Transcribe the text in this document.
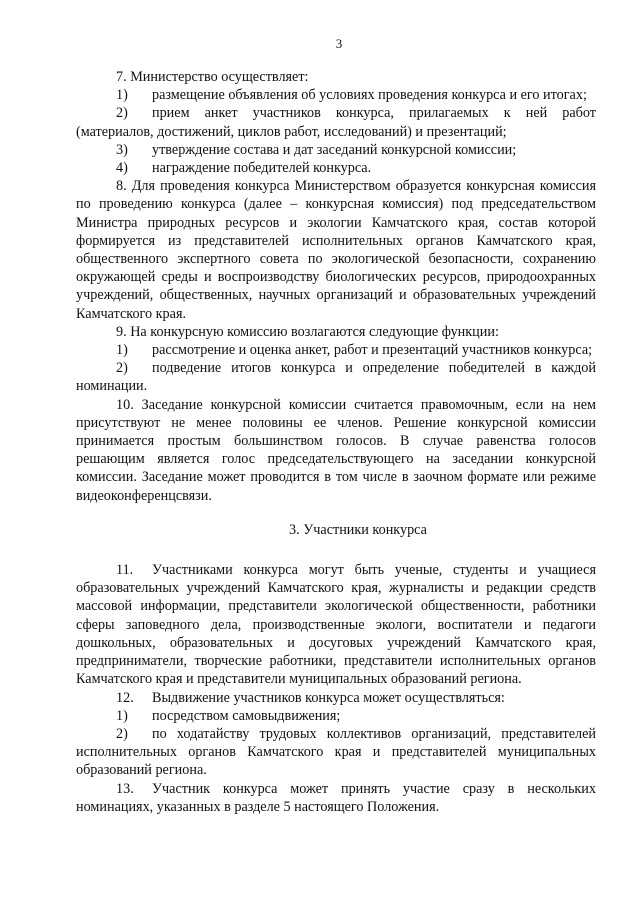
3

7. Министерство осуществляет:

1) размещение объявления об условиях проведения конкурса и его итогах;

2) прием анкет участников конкурса, прилагаемых к ней работ (материалов, достижений, циклов работ, исследований) и презентаций;

3) утверждение состава и дат заседаний конкурсной комиссии;

4) награждение победителей конкурса.

8. Для проведения конкурса Министерством образуется конкурсная комиссия по проведению конкурса (далее – конкурсная комиссия) под председательством Министра природных ресурсов и экологии Камчатского края, состав которой формируется из представителей исполнительных органов Камчатского края, общественного экспертного совета по экологической безопасности, сохранению окружающей среды и воспроизводству биологических ресурсов, природоохранных учреждений, общественных, научных организаций и образовательных учреждений Камчатского края.

9. На конкурсную комиссию возлагаются следующие функции:

1) рассмотрение и оценка анкет, работ и презентаций участников конкурса;

2) подведение итогов конкурса и определение победителей в каждой номинации.

10. Заседание конкурсной комиссии считается правомочным, если на нем присутствуют не менее половины ее членов. Решение конкурсной комиссии принимается простым большинством голосов. В случае равенства голосов решающим является голос председательствующего на заседании конкурсной комиссии. Заседание может проводится в том числе в заочном формате или режиме видеоконференцсвязи.

3. Участники конкурса

11. Участниками конкурса могут быть ученые, студенты и учащиеся образовательных учреждений Камчатского края, журналисты и редакции средств массовой информации, представители экологической общественности, работники сферы заповедного дела, производственные экологи, воспитатели и педагоги дошкольных, образовательных и досуговых учреждений Камчатского края, предприниматели, творческие работники, представители исполнительных органов Камчатского края и представители муниципальных образований региона.

12. Выдвижение участников конкурса может осуществляться:

1) посредством самовыдвижения;

2) по ходатайству трудовых коллективов организаций, представителей исполнительных органов Камчатского края и представителей муниципальных образований региона.

13. Участник конкурса может принять участие сразу в нескольких номинациях, указанных в разделе 5 настоящего Положения.
